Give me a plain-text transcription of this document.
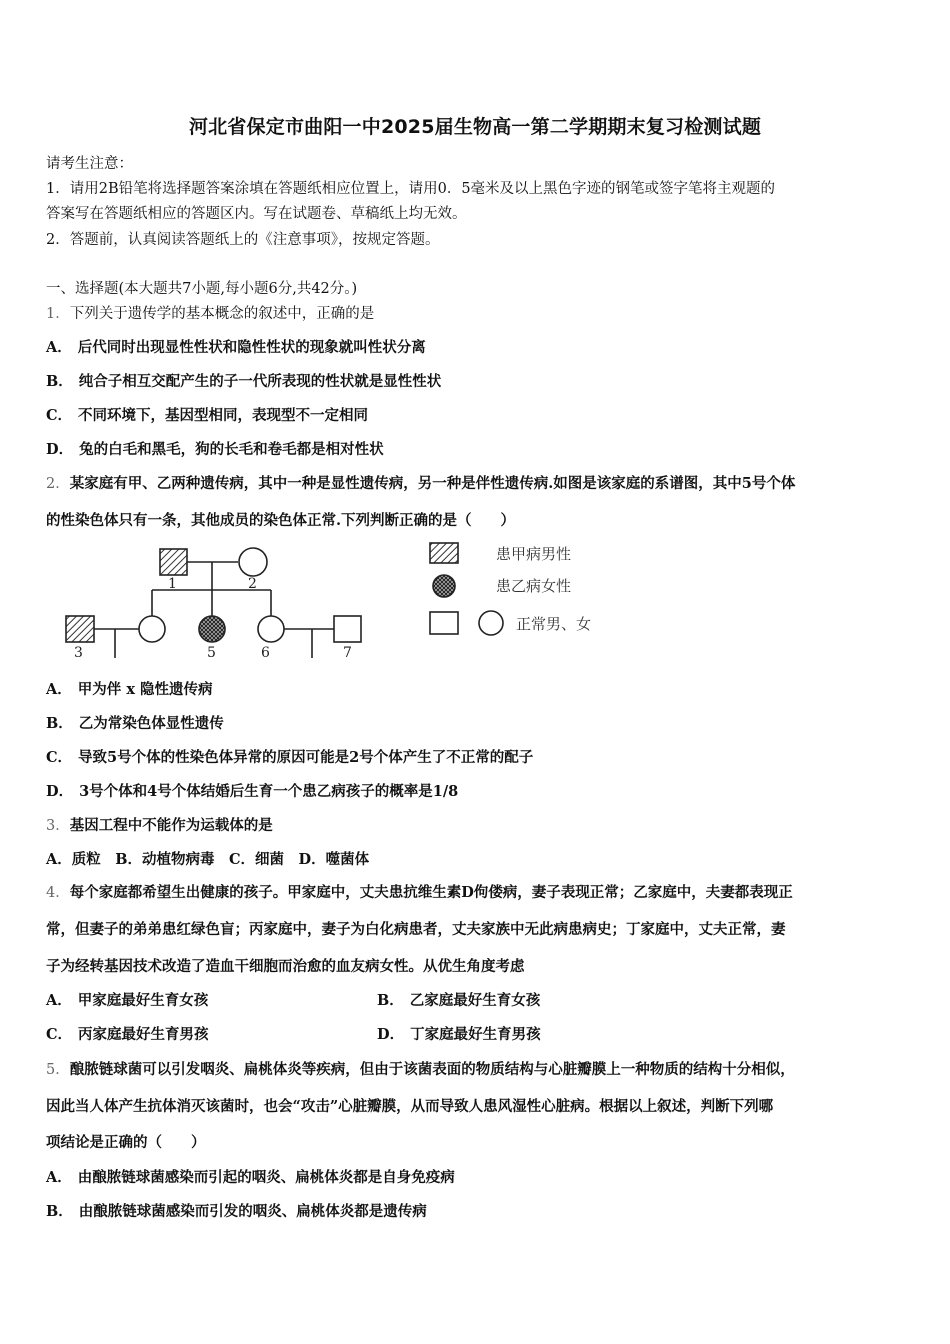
河北省保定市曲阳一中2025届生物高一第二学期期末复习检测试题
请考生注意：
1．请用2B铅笔将选择题答案涂填在答题纸相应位置上，请用0．5毫米及以上黑色字迹的钢笔或签字笔将主观题的
答案写在答题纸相应的答题区内。写在试题卷、草稿纸上均无效。
2．答题前，认真阅读答题纸上的《注意事项》，按规定答题。
一、选择题(本大题共7小题,每小题6分,共42分。)
1．下列关于遗传学的基本概念的叙述中，正确的是
A． 后代同时出现显性性状和隐性性状的现象就叫性状分离
B． 纯合子相互交配产生的子一代所表现的性状就是显性性状
C． 不同环境下，基因型相同，表现型不一定相同
D． 兔的白毛和黑毛，狗的长毛和卷毛都是相对性状
2．某家庭有甲、乙两种遗传病，其中一种是显性遗传病，另一种是伴性遗传病.如图是该家庭的系谱图，其中5号个体
的性染色体只有一条，其他成员的染色体正常.下列判断正确的是（　　）
1	2
3	5	6	7
患甲病男性
患乙病女性
正常男、女
A． 甲为伴 x 隐性遗传病
B． 乙为常染色体显性遗传
C． 导致5号个体的性染色体异常的原因可能是2号个体产生了不正常的配子
D． 3号个体和4号个体结婚后生育一个患乙病孩子的概率是1/8
3．基因工程中不能作为运载体的是
A．质粒　B．动植物病毒　C．细菌　D．噬菌体
4．每个家庭都希望生出健康的孩子。甲家庭中，丈夫患抗维生素D佝偻病，妻子表现正常；乙家庭中，夫妻都表现正
常，但妻子的弟弟患红绿色盲；丙家庭中，妻子为白化病患者，丈夫家族中无此病患病史；丁家庭中，丈夫正常，妻
子为经转基因技术改造了造血干细胞而治愈的血友病女性。从优生角度考虑
A． 甲家庭最好生育女孩	B． 乙家庭最好生育女孩
C． 丙家庭最好生育男孩	D． 丁家庭最好生育男孩
5．酿脓链球菌可以引发咽炎、扁桃体炎等疾病，但由于该菌表面的物质结构与心脏瓣膜上一种物质的结构十分相似，
因此当人体产生抗体消灭该菌时，也会“攻击”心脏瓣膜，从而导致人患风湿性心脏病。根据以上叙述，判断下列哪
项结论是正确的（　　）
A． 由酿脓链球菌感染而引起的咽炎、扁桃体炎都是自身免疫病
B． 由酿脓链球菌感染而引发的咽炎、扁桃体炎都是遗传病
